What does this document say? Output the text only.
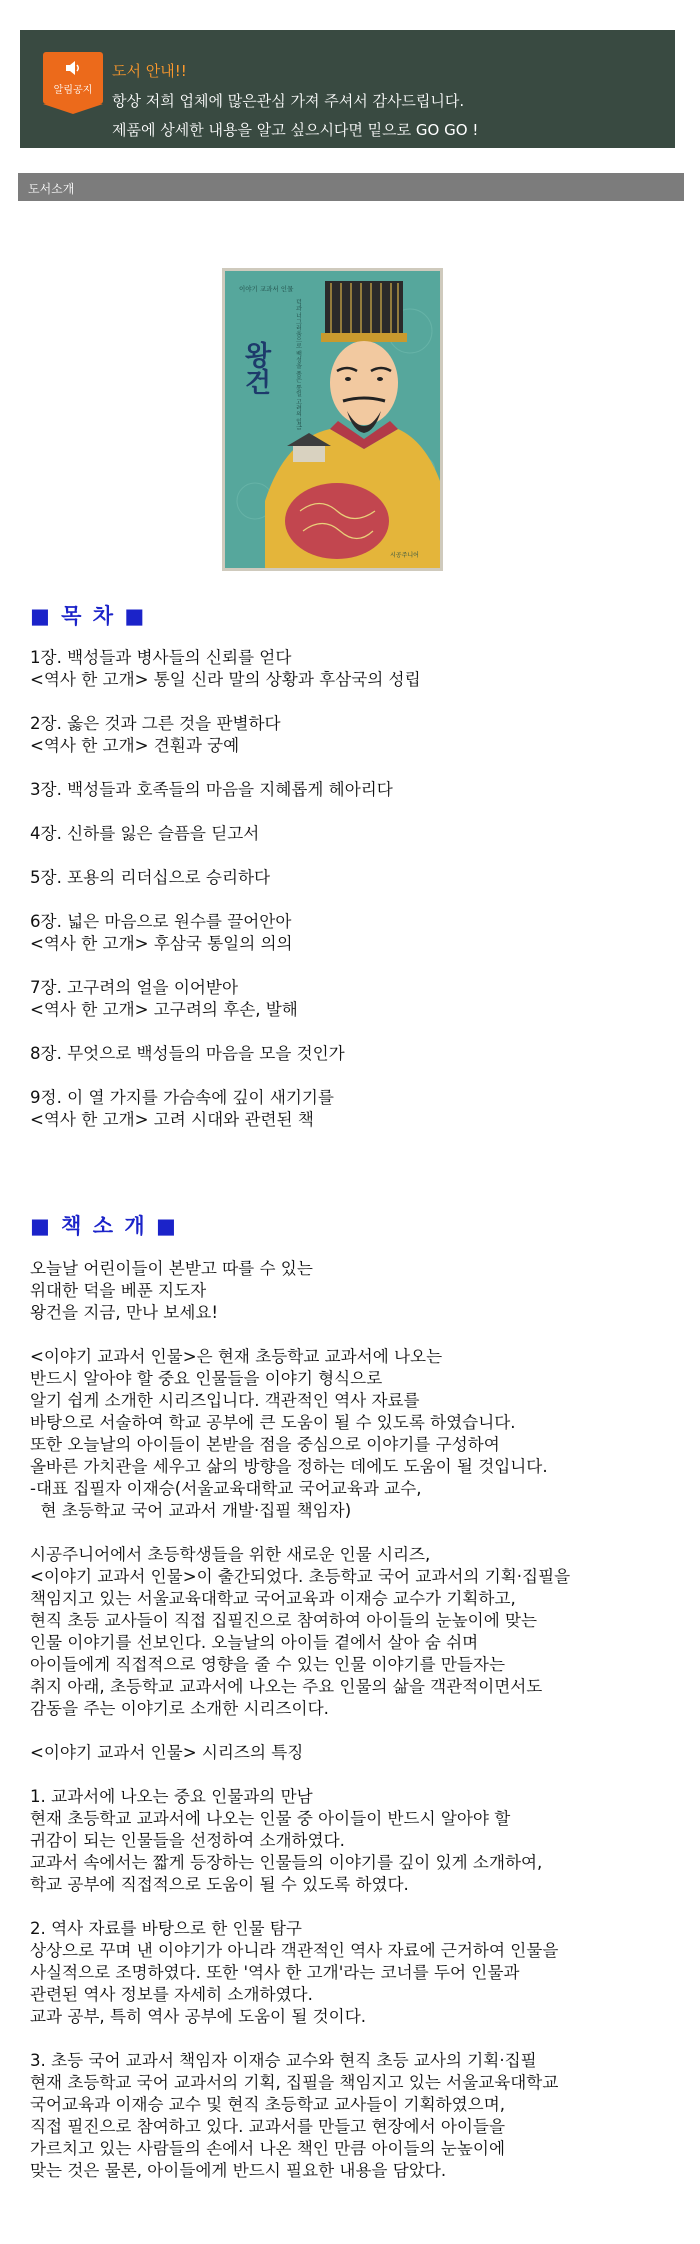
알림공지
도서 안내!!
항상 저희 업체에 많은관심 가져 주셔서 감사드립니다.
제품에 상세한 내용을 알고 싶으시다면 밑으로 GO GO !
도서소개
이야기 교과서 인물
왕건	덕과 너그러움으로 백성을 품은 통일 고려의 임금
시공주니어
■ 목 차 ■
1장. 백성들과 병사들의 신뢰를 얻다
<역사 한 고개> 통일 신라 말의 상황과 후삼국의 성립
2장. 옳은 것과 그른 것을 판별하다
<역사 한 고개> 견훤과 궁예
3장. 백성들과 호족들의 마음을 지혜롭게 헤아리다
4장. 신하를 잃은 슬픔을 딛고서
5장. 포용의 리더십으로 승리하다
6장. 넓은 마음으로 원수를 끌어안아
<역사 한 고개> 후삼국 통일의 의의
7장. 고구려의 얼을 이어받아
<역사 한 고개> 고구려의 후손, 발해
8장. 무엇으로 백성들의 마음을 모을 것인가
9정. 이 열 가지를 가슴속에 깊이 새기기를
<역사 한 고개> 고려 시대와 관련된 책
■ 책 소 개 ■
오늘날 어린이들이 본받고 따를 수 있는
위대한 덕을 베푼 지도자
왕건을 지금, 만나 보세요!
<이야기 교과서 인물>은 현재 초등학교 교과서에 나오는
반드시 알아야 할 중요 인물들을 이야기 형식으로
알기 쉽게 소개한 시리즈입니다. 객관적인 역사 자료를
바탕으로 서술하여 학교 공부에 큰 도움이 될 수 있도록 하였습니다.
또한 오늘날의 아이들이 본받을 점을 중심으로 이야기를 구성하여
올바른 가치관을 세우고 삶의 방향을 정하는 데에도 도움이 될 것입니다.
-대표 집필자 이재승(서울교육대학교 국어교육과 교수,
현 초등학교 국어 교과서 개발·집필 책임자)
시공주니어에서 초등학생들을 위한 새로운 인물 시리즈,
<이야기 교과서 인물>이 출간되었다. 초등학교 국어 교과서의 기획·집필을
책임지고 있는 서울교육대학교 국어교육과 이재승 교수가 기획하고,
현직 초등 교사들이 직접 집필진으로 참여하여 아이들의 눈높이에 맞는
인물 이야기를 선보인다. 오늘날의 아이들 곁에서 살아 숨 쉬며
아이들에게 직접적으로 영향을 줄 수 있는 인물 이야기를 만들자는
취지 아래, 초등학교 교과서에 나오는 주요 인물의 삶을 객관적이면서도
감동을 주는 이야기로 소개한 시리즈이다.
<이야기 교과서 인물> 시리즈의 특징
1. 교과서에 나오는 중요 인물과의 만남
현재 초등학교 교과서에 나오는 인물 중 아이들이 반드시 알아야 할
귀감이 되는 인물들을 선정하여 소개하였다.
교과서 속에서는 짧게 등장하는 인물들의 이야기를 깊이 있게 소개하여,
학교 공부에 직접적으로 도움이 될 수 있도록 하였다.
2. 역사 자료를 바탕으로 한 인물 탐구
상상으로 꾸며 낸 이야기가 아니라 객관적인 역사 자료에 근거하여 인물을
사실적으로 조명하였다. 또한 '역사 한 고개'라는 코너를 두어 인물과
관련된 역사 정보를 자세히 소개하였다.
교과 공부, 특히 역사 공부에 도움이 될 것이다.
3. 초등 국어 교과서 책임자 이재승 교수와 현직 초등 교사의 기획·집필
현재 초등학교 국어 교과서의 기획, 집필을 책임지고 있는 서울교육대학교
국어교육과 이재승 교수 및 현직 초등학교 교사들이 기획하였으며,
직접 필진으로 참여하고 있다. 교과서를 만들고 현장에서 아이들을
가르치고 있는 사람들의 손에서 나온 책인 만큼 아이들의 눈높이에
맞는 것은 물론, 아이들에게 반드시 필요한 내용을 담았다.
